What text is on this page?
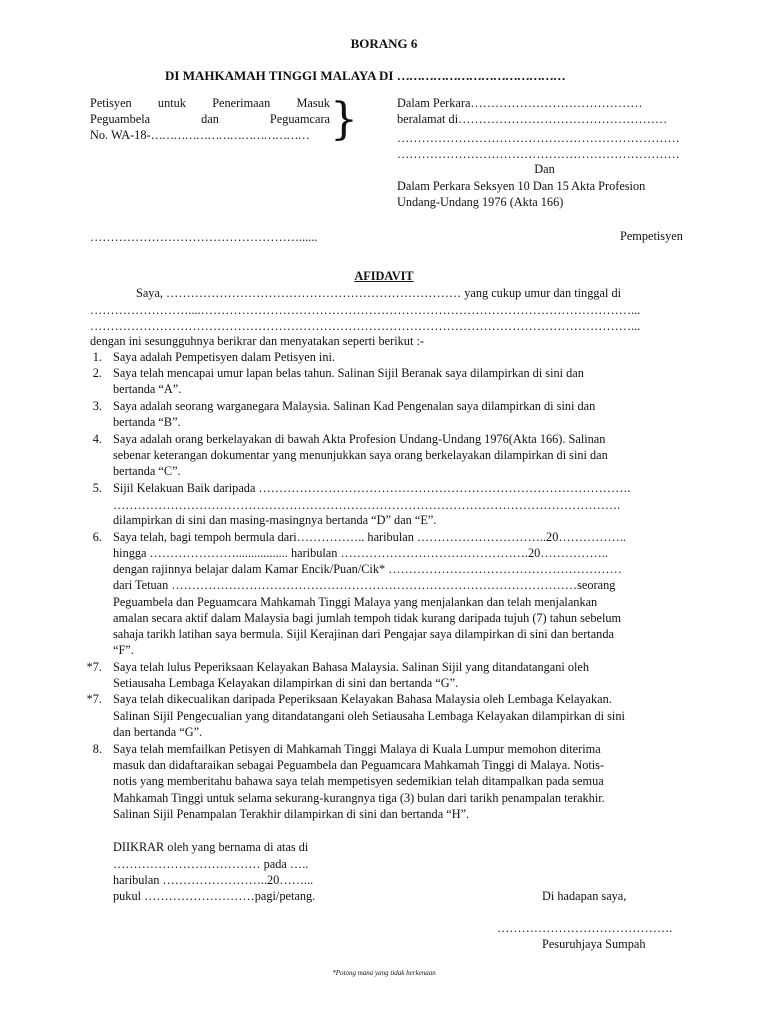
BORANG 6
DI MAHKAMAH TINGGI MALAYA DI ……………………………………
Petisyen untuk Penerimaan Masuk
Peguambela	dan	Peguamcara
No. WA-18-…………………………………… }	Dalam Perkara……………………………………
beralamat di……………………………………………
……………………………………………………………
……………………………………………………………
Dan
Dalam Perkara Seksyen 10 Dan 15 Akta Profesion
Undang-Undang 1976 (Akta 166)
……………………………………………......	Pempetisyen
AFIDAVIT
Saya, ……………………………………………………………… yang cukup umur dan tinggal di
……………………....……………………………………………………………………………………………...
……………………………………………………………………………………………………………………...
dengan ini sesungguhnya berikrar dan menyatakan seperti berikut :-
1. Saya adalah Pempetisyen dalam Petisyen ini.
2. Saya telah mencapai umur lapan belas tahun. Salinan Sijil Beranak saya dilampirkan di sini dan
bertanda “A”.
3. Saya adalah seorang warganegara Malaysia. Salinan Kad Pengenalan saya dilampirkan di sini dan
bertanda “B”.
4. Saya adalah orang berkelayakan di bawah Akta Profesion Undang-Undang 1976(Akta 166). Salinan
sebenar keterangan dokumentar yang menunjukkan saya orang berkelayakan dilampirkan di sini dan
bertanda “C”.
5. Sijil Kelakuan Baik daripada ……………………………………………………………………………….
…………………………………………………………………………………………………………….
dilampirkan di sini dan masing-masingnya bertanda “D” dan “E”.
6. Saya telah, bagi tempoh bermula dari…………….. haribulan …………………………..20……………..
hingga …………………................. haribulan ……………………………………….20……………..
dengan rajinnya belajar dalam Kamar Encik/Puan/Cik* …………………………………………………
dari Tetuan ………………………………………………………………………………………seorang
Peguambela dan Peguamcara Mahkamah Tinggi Malaya yang menjalankan dan telah menjalankan
amalan secara aktif dalam Malaysia bagi jumlah tempoh tidak kurang daripada tujuh (7) tahun sebelum
sahaja tarikh latihan saya bermula. Sijil Kerajinan dari Pengajar saya dilampirkan di sini dan bertanda
“F”.
*7. Saya telah lulus Peperiksaan Kelayakan Bahasa Malaysia. Salinan Sijil yang ditandatangani oleh
Setiausaha Lembaga Kelayakan dilampirkan di sini dan bertanda “G”.
*7. Saya telah dikecualikan daripada Peperiksaan Kelayakan Bahasa Malaysia oleh Lembaga Kelayakan.
Salinan Sijil Pengecualian yang ditandatangani oleh Setiausaha Lembaga Kelayakan dilampirkan di sini
dan bertanda “G”.
8. Saya telah memfailkan Petisyen di Mahkamah Tinggi Malaya di Kuala Lumpur memohon diterima
masuk dan didaftaraikan sebagai Peguambela dan Peguamcara Mahkamah Tinggi di Malaya. Notis-
notis yang memberitahu bahawa saya telah mempetisyen sedemikian telah ditampalkan pada semua
Mahkamah Tinggi untuk selama sekurang-kurangnya tiga (3) bulan dari tarikh penampalan terakhir.
Salinan Sijil Penampalan Terakhir dilampirkan di sini dan bertanda “H”.
DIIKRAR oleh yang bernama di atas di
……………………………… pada …..
haribulan ……………………..20……...
pukul ………………………pagi/petang.	Di hadapan saya,
…………………………………….
Pesuruhjaya Sumpah
*Potong mana yang tidak berkenaan
